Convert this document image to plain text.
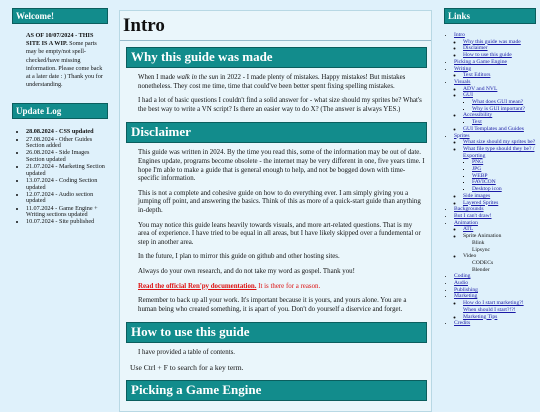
Welcome!
AS OF 10/07/2024 - THIS SITE IS A WIP. Some parts may be empty/not spell-checked/have missing information. Please come back at a later date : ) Thank you for understanding.
Update Log
• 28.08.2024 - CSS updated
• 27.08.2024 - Other Guides Section added
• 26.08.2024 - Side Images Section updated
• 21.07.2024 - Marketing Section updated
• 13.07.2024 - Coding Section updated
• 12.07.2024 - Audio section updated
• 11.07.2024 - Game Engine + Writing sections updated
• 10.07.2024 - Site published
Intro
Why this guide was made

When I made walk in the sun in 2022 - I made plenty of mistakes. Happy mistakes! But mistakes nonetheless. They cost me time, time that could've been better spent fixing spelling mistakes.

I had a lot of basic questions I couldn't find a solid answer for - what size should my sprites be? What's the best way to write a VN script? Is there an easier way to do X? (The answer is always YES.)

Disclaimer

This guide was written in 2024. By the time you read this, some of the information may be out of date. Engines update, programs become obsolete - the internet may be very different in one, five years time. I hope I'm able to make a guide that is general enough to help, and not be bogged down with time-specific information.

This is not a complete and cohesive guide on how to do everything ever. I am simply giving you a jumping off point, and answering the basics. Think of this as more of a quick-start guide than anything in-depth.

You may notice this guide leans heavily towards visuals, and more art-related questions. That is my area of experience. I have tried to be equal in all areas, but I have likely skipped over a fundemental or step in another area.

In the future, I plan to mirror this guide on github and other hosting sites.

Always do your own research, and do not take my word as gospel. Thank you!

Read the official Ren'py documentation. It is there for a reason.

Remember to back up all your work. It's important because it is yours, and yours alone. You are a human being who created something, it is apart of you. Don't do yourself a diservice and forget.

How to use this guide

I have provided a table of contents.

Use Ctrl + F to search for a key term.

Picking a Game Engine
Links
• Intro
◦ Why this guide was made
◦ Disclaimer
◦ How to use this guide
• Picking a Game Engine
• Writing
◦ Text Editors
• Visuals
◦ ADV and NVL
◦ GUI
▪ What does GUI mean?
▪ Why is GUI important?
◦ Accessibility
▪ Text
◦ GUI Templates and Guides
• Sprites
◦ What size should my sprites be?
◦ What file type should they be? / Exporting
▪ PNG
▪ JPG
▪ WEBP
▪ FAVICON
▪ Desktop icon
◦ Side images
◦ Layered Sprites
• Backgrounds
• But I can't draw!
• Animation
◦ ATL
◦ Sprite Animation
Blink
Lipsync
◦ Video
CODECs
Blender
• Coding
• Audio
• Publishing
• Marketing
◦ How do I start marketing?! When should I start?!?!
◦ Marketing Tips
• Credits
